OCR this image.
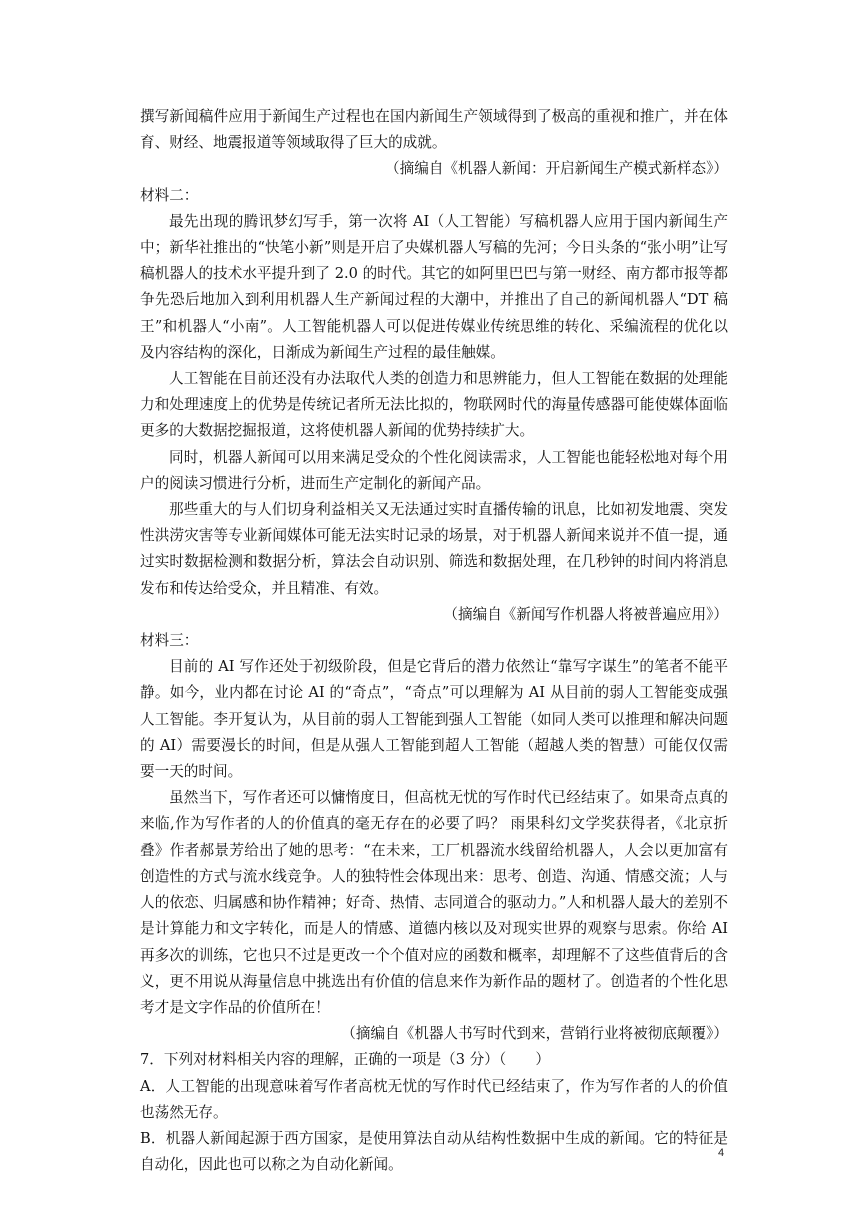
撰写新闻稿件应用于新闻生产过程也在国内新闻生产领域得到了极高的重视和推广，并在体育、财经、地震报道等领域取得了巨大的成就。

（摘编自《机器人新闻：开启新闻生产模式新样态》）

材料二：

最先出现的腾讯梦幻写手，第一次将 AI（人工智能）写稿机器人应用于国内新闻生产中；新华社推出的“快笔小新”则是开启了央媒机器人写稿的先河；今日头条的“张小明”让写稿机器人的技术水平提升到了 2.0 的时代。其它的如阿里巴巴与第一财经、南方都市报等都争先恐后地加入到利用机器人生产新闻过程的大潮中，并推出了自己的新闻机器人“DT 稿王”和机器人“小南”。人工智能机器人可以促进传媒业传统思维的转化、采编流程的优化以及内容结构的深化，日渐成为新闻生产过程的最佳触媒。

人工智能在目前还没有办法取代人类的创造力和思辨能力，但人工智能在数据的处理能力和处理速度上的优势是传统记者所无法比拟的，物联网时代的海量传感器可能使媒体面临更多的大数据挖掘报道，这将使机器人新闻的优势持续扩大。

同时，机器人新闻可以用来满足受众的个性化阅读需求，人工智能也能轻松地对每个用户的阅读习惯进行分析，进而生产定制化的新闻产品。

那些重大的与人们切身利益相关又无法通过实时直播传输的讯息，比如初发地震、突发性洪涝灾害等专业新闻媒体可能无法实时记录的场景，对于机器人新闻来说并不值一提，通过实时数据检测和数据分析，算法会自动识别、筛选和数据处理，在几秒钟的时间内将消息发布和传达给受众，并且精准、有效。

（摘编自《新闻写作机器人将被普遍应用》）

材料三：

目前的 AI 写作还处于初级阶段，但是它背后的潜力依然让“靠写字谋生”的笔者不能平静。如今，业内都在讨论 AI 的“奇点”，“奇点”可以理解为 AI 从目前的弱人工智能变成强人工智能。李开复认为，从目前的弱人工智能到强人工智能（如同人类可以推理和解决问题的 AI）需要漫长的时间，但是从强人工智能到超人工智能（超越人类的智慧）可能仅仅需要一天的时间。

虽然当下，写作者还可以慵惰度日，但高枕无忧的写作时代已经结束了。如果奇点真的来临,作为写作者的人的价值真的毫无存在的必要了吗？ 雨果科幻文学奖获得者，《北京折叠》作者郝景芳给出了她的思考：“在未来，工厂机器流水线留给机器人，人会以更加富有创造性的方式与流水线竞争。人的独特性会体现出来：思考、创造、沟通、情感交流；人与人的依恋、归属感和协作精神；好奇、热情、志同道合的驱动力。”人和机器人最大的差别不是计算能力和文字转化，而是人的情感、道德内核以及对现实世界的观察与思索。你给 AI 再多次的训练，它也只不过是更改一个个值对应的函数和概率，却理解不了这些值背后的含义，更不用说从海量信息中挑选出有价值的信息来作为新作品的题材了。创造者的个性化思考才是文字作品的价值所在！

（摘编自《机器人书写时代到来，营销行业将被彻底颠覆》）

7．下列对材料相关内容的理解，正确的一项是（3 分）（　　）

A．人工智能的出现意味着写作者高枕无忧的写作时代已经结束了，作为写作者的人的价值也荡然无存。

B．机器人新闻起源于西方国家，是使用算法自动从结构性数据中生成的新闻。它的特征是自动化，因此也可以称之为自动化新闻。

4
